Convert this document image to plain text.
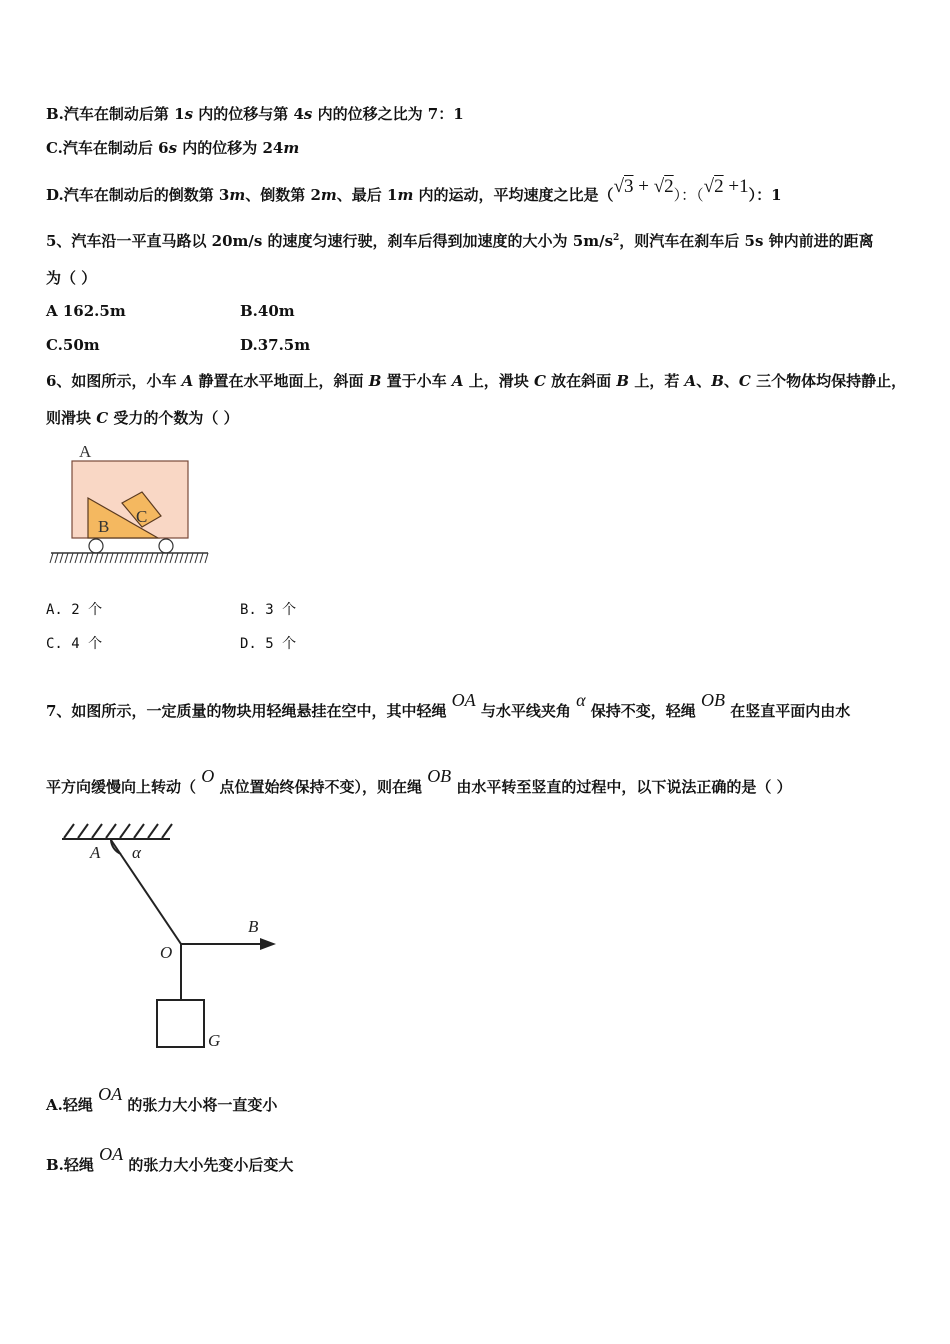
B.汽车在制动后第 1s 内的位移与第 4s 内的位移之比为 7：1
C.汽车在制动后 6s 内的位移为 24m
D.汽车在制动后的倒数第 3m、倒数第 2m、最后 1m 内的运动，平均速度之比是（√3 + √2）：（√2 +1）：1
5、汽车沿一平直马路以 20m/s 的速度匀速行驶，刹车后得到加速度的大小为 $5m/s^2$，则汽车在刹车后 5s 钟内前进的距离
为（ ）
A 162.5m	B.40m
C.50m	D.37.5m
6、如图所示，小车 A 静置在水平地面上，斜面 B 置于小车 A 上，滑块 C 放在斜面 B 上，若 A、B、C 三个物体均保持静止，
则滑块 C 受力的个数为（ ）
A
B
C
A. 2 个	B. 3 个
C. 4 个	D. 5 个
7、如图所示，一定质量的物块用轻绳悬挂在空中，其中轻绳 OA 与水平线夹角 α 保持不变，轻绳 OB 在竖直平面内由水
平方向缓慢向上转动（ O 点位置始终保持不变），则在绳 OB 由水平转至竖直的过程中，以下说法正确的是（ ）
A α
B
O
G
A.轻绳 OA 的张力大小将一直变小
B.轻绳 OA 的张力大小先变小后变大
